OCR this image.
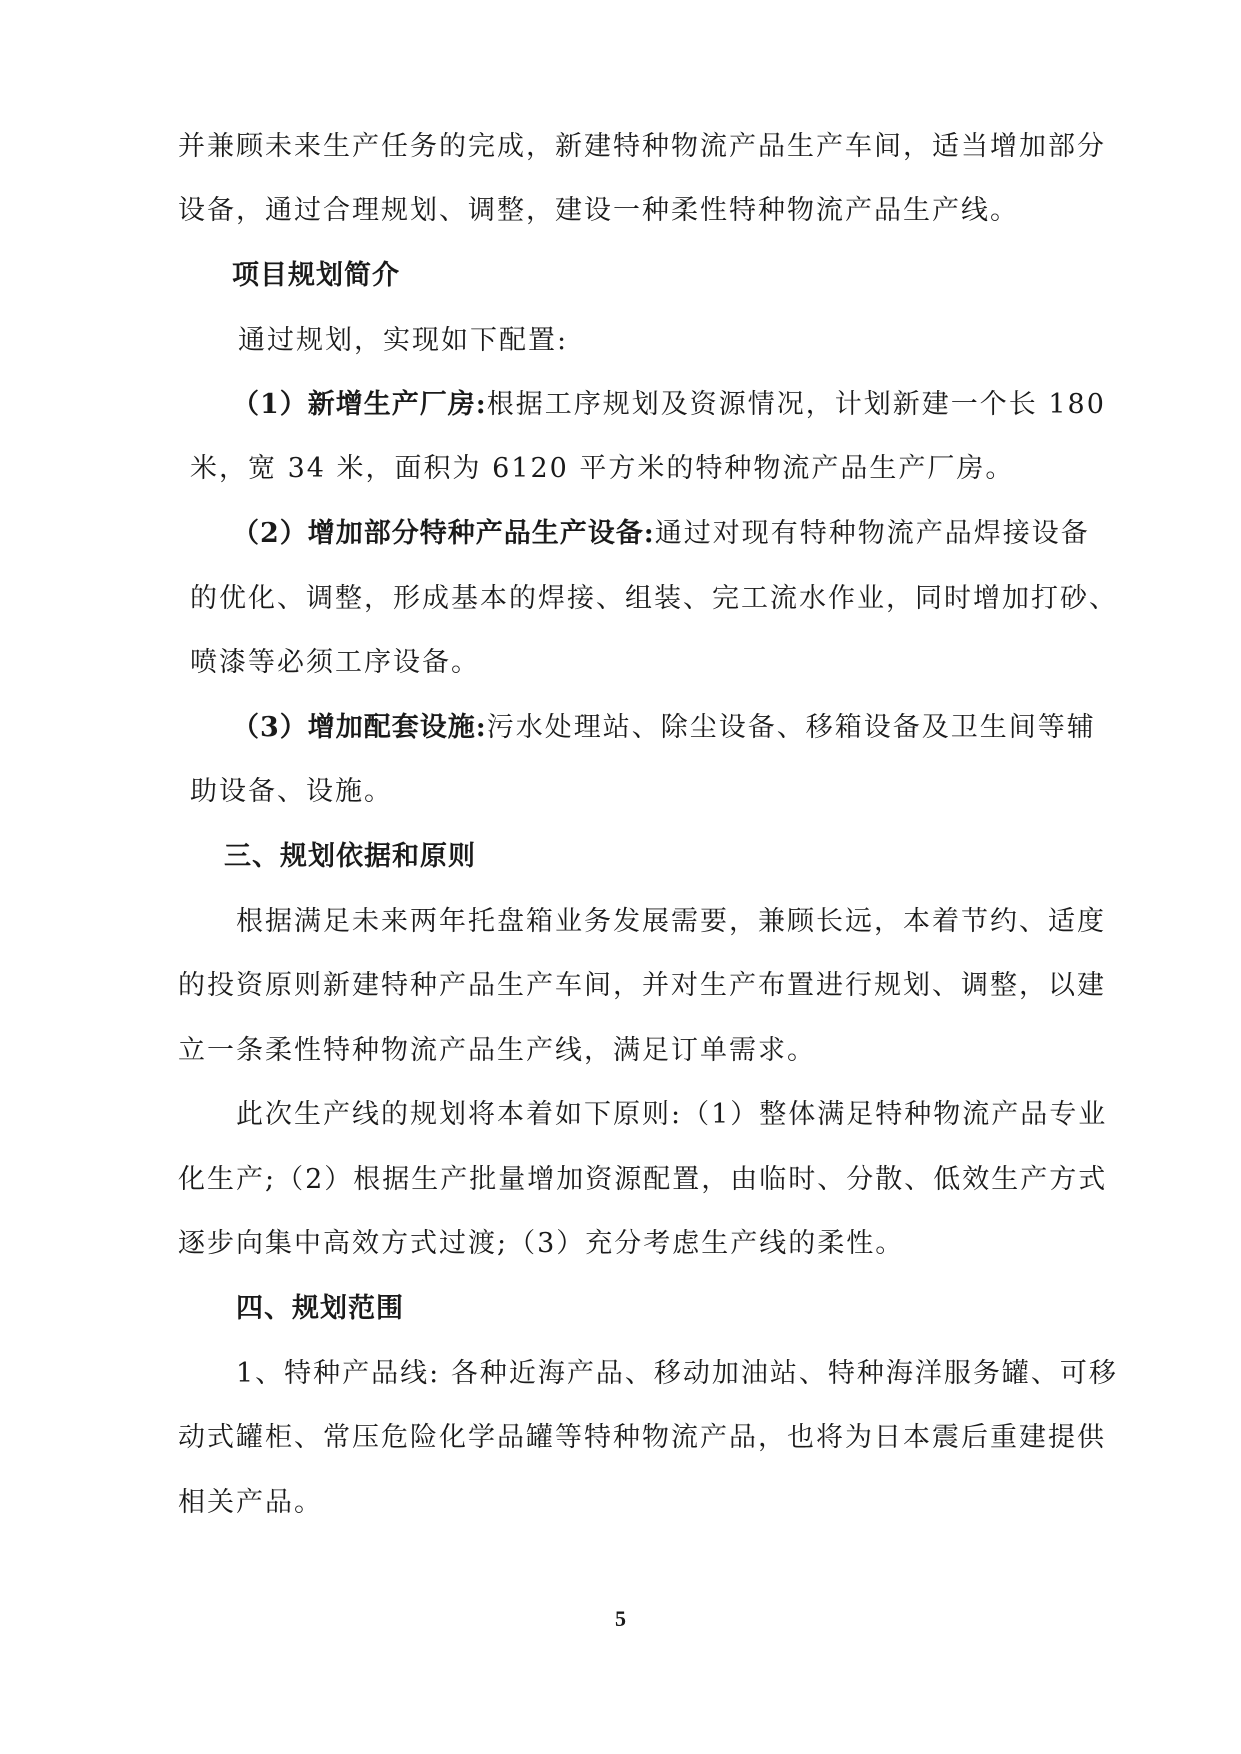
并兼顾未来生产任务的完成，新建特种物流产品生产车间，适当增加部分
设备，通过合理规划、调整，建设一种柔性特种物流产品生产线。
项目规划简介
通过规划，实现如下配置:
（1）新增生产厂房:根据工序规划及资源情况，计划新建一个长 180
米，宽 34 米，面积为 6120 平方米的特种物流产品生产厂房。
（2）增加部分特种产品生产设备:通过对现有特种物流产品焊接设备
的优化、调整，形成基本的焊接、组装、完工流水作业，同时增加打砂、
喷漆等必须工序设备。
（3）增加配套设施:污水处理站、除尘设备、移箱设备及卫生间等辅
助设备、设施。
三、规划依据和原则
根据满足未来两年托盘箱业务发展需要，兼顾长远，本着节约、适度
的投资原则新建特种产品生产车间，并对生产布置进行规划、调整，以建
立一条柔性特种物流产品生产线，满足订单需求。
此次生产线的规划将本着如下原则:（1）整体满足特种物流产品专业
化生产;（2）根据生产批量增加资源配置，由临时、分散、低效生产方式
逐步向集中高效方式过渡;（3）充分考虑生产线的柔性。
四、规划范围
1、特种产品线: 各种近海产品、移动加油站、特种海洋服务罐、可移
动式罐柜、常压危险化学品罐等特种物流产品，也将为日本震后重建提供
相关产品。
5
